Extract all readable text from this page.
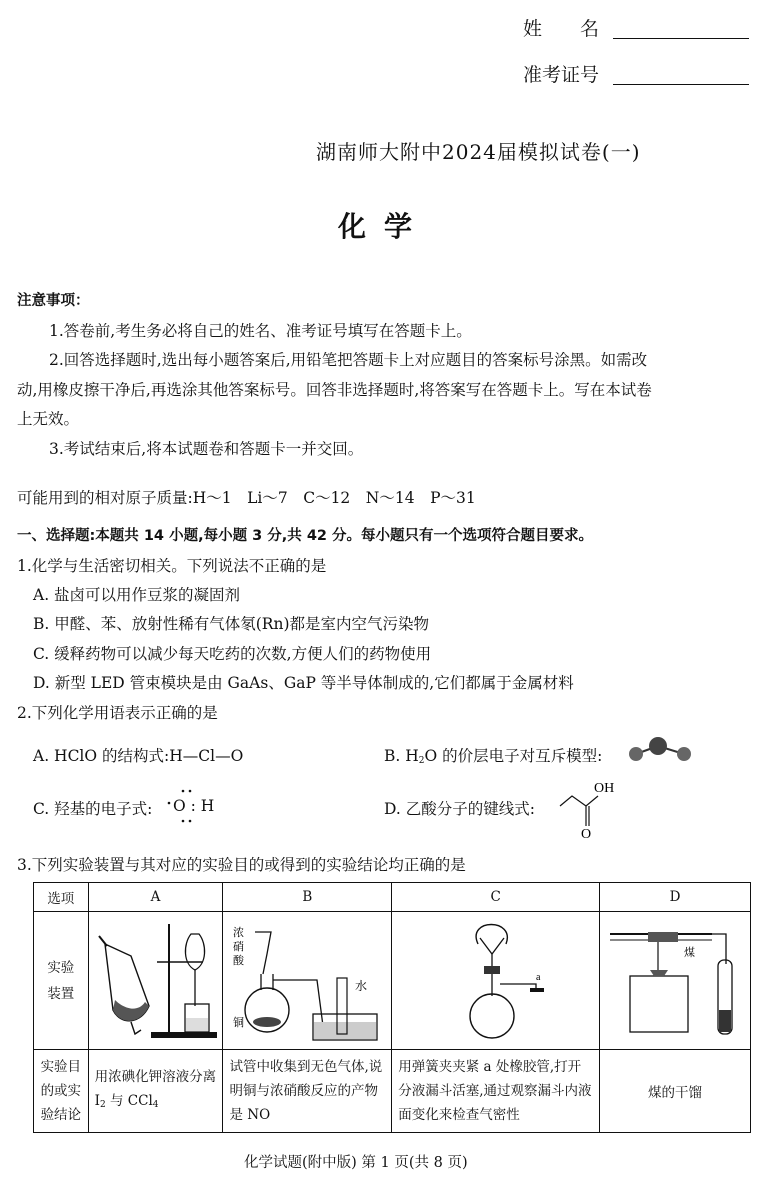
姓　　名
准考证号
湖南师大附中2024届模拟试卷(一)
化学
注意事项：
1.答卷前,考生务必将自己的姓名、准考证号填写在答题卡上。
2.回答选择题时,选出每小题答案后,用铅笔把答题卡上对应题目的答案标号涂黑。如需改
动,用橡皮擦干净后,再选涂其他答案标号。回答非选择题时,将答案写在答题卡上。写在本试卷
上无效。
3.考试结束后,将本试题卷和答题卡一并交回。
可能用到的相对原子质量:H～1　Li～7　C～12　N～14　P～31
一、选择题:本题共 14 小题,每小题 3 分,共 42 分。每小题只有一个选项符合题目要求。
1.化学与生活密切相关。下列说法不正确的是
A. 盐卤可以用作豆浆的凝固剂
B. 甲醛、苯、放射性稀有气体氡(Rn)都是室内空气污染物
C. 缓释药物可以减少每天吃药的次数,方便人们的药物使用
D. 新型 LED 管束模块是由 GaAs、GaP 等半导体制成的,它们都属于金属材料
2.下列化学用语表示正确的是
A. HClO 的结构式:H—Cl—O	B. $H_2O$ 的价层电子对互斥模型:
C. 羟基的电子式: O : H	D. 乙酸分子的键线式:
OH
O
3.下列实验装置与其对应的实验目的或得到的实验结论均正确的是
选项	A	B	C	D
实验
装置		浓
硝
酸
铜
水	a	煤

实验目
的或实
验结论	用浓碘化钾溶液分离 $I_2$ 与 CCl$_4$	试管中收集到无色气体,说明铜与浓硝酸反应的产物是 NO	用弹簧夹夹紧 a 处橡胶管,打开分液漏斗活塞,通过观察漏斗内液面变化来检查气密性	煤的干馏
化学试题(附中版) 第 1 页(共 8 页)
